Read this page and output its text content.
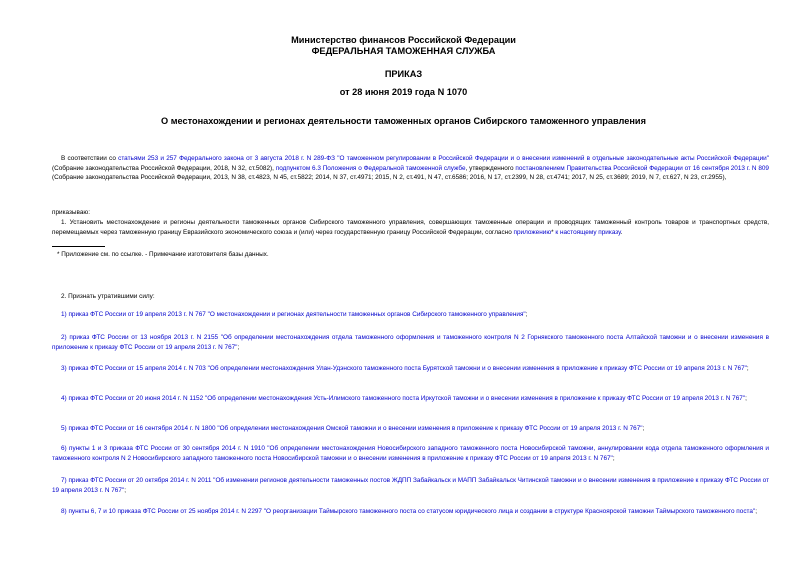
Министерство финансов Российской Федерации
ФЕДЕРАЛЬНАЯ ТАМОЖЕННАЯ СЛУЖБА
ПРИКАЗ
от 28 июня 2019 года N 1070
О местонахождении и регионах деятельности таможенных органов Сибирского таможенного управления
В соответствии со статьями 253 и 257 Федерального закона от 3 августа 2018 г. N 289-ФЗ "О таможенном регулировании в Российской Федерации и о внесении изменений в отдельные законодательные акты Российской Федерации" (Собрание законодательства Российской Федерации, 2018, N 32, ст.5082), подпунктом 6.3 Положения о Федеральной таможенной службе, утвержденного постановлением Правительства Российской Федерации от 16 сентября 2013 г. N 809 (Собрание законодательства Российской Федерации, 2013, N 38, ст.4823, N 45, ст.5822; 2014, N 37, ст.4971; 2015, N 2, ст.491, N 47, ст.6586; 2016, N 17, ст.2399, N 28, ст.4741; 2017, N 25, ст.3689; 2019, N 7, ст.627, N 23, ст.2955),
приказываю:
1. Установить местонахождение и регионы деятельности таможенных органов Сибирского таможенного управления, совершающих таможенные операции и проводящих таможенный контроль товаров и транспортных средств, перемещаемых через таможенную границу Евразийского экономического союза и (или) через государственную границу Российской Федерации, согласно приложению* к настоящему приказу.
* Приложение см. по ссылке. - Примечание изготовителя базы данных.
2. Признать утратившими силу:
1) приказ ФТС России от 19 апреля 2013 г. N 767 "О местонахождении и регионах деятельности таможенных органов Сибирского таможенного управления";
2) приказ ФТС России от 13 ноября 2013 г. N 2155 "Об определении местонахождения отдела таможенного оформления и таможенного контроля N 2 Горнякского таможенного поста Алтайской таможни и о внесении изменения в приложение к приказу ФТС России от 19 апреля 2013 г. N 767";
3) приказ ФТС России от 15 апреля 2014 г. N 703 "Об определении местонахождения Улан-Удэнского таможенного поста Бурятской таможни и о внесении изменения в приложение к приказу ФТС России от 19 апреля 2013 г. N 767";
4) приказ ФТС России от 20 июня 2014 г. N 1152 "Об определении местонахождения Усть-Илимского таможенного поста Иркутской таможни и о внесении изменения в приложение к приказу ФТС России от 19 апреля 2013 г. N 767";
5) приказ ФТС России от 16 сентября 2014 г. N 1800 "Об определении местонахождения Омской таможни и о внесении изменения в приложение к приказу ФТС России от 19 апреля 2013 г. N 767";
6) пункты 1 и 3 приказа ФТС России от 30 сентября 2014 г. N 1910 "Об определении местонахождения Новосибирского западного таможенного поста Новосибирской таможни, аннулировании кода отдела таможенного оформления и таможенного контроля N 2 Новосибирского западного таможенного поста Новосибирской таможни и о внесении изменения в приложение к приказу ФТС России от 19 апреля 2013 г. N 767";
7) приказ ФТС России от 20 октября 2014 г. N 2011 "Об изменении регионов деятельности таможенных постов ЖДПП Забайкальск и МАПП Забайкальск Читинской таможни и о внесении изменения в приложение к приказу ФТС России от 19 апреля 2013 г. N 767";
8) пункты 6, 7 и 10 приказа ФТС России от 25 ноября 2014 г. N 2297 "О реорганизации Таймырского таможенного поста со статусом юридического лица и создании в структуре Красноярской таможни Таймырского таможенного поста";
